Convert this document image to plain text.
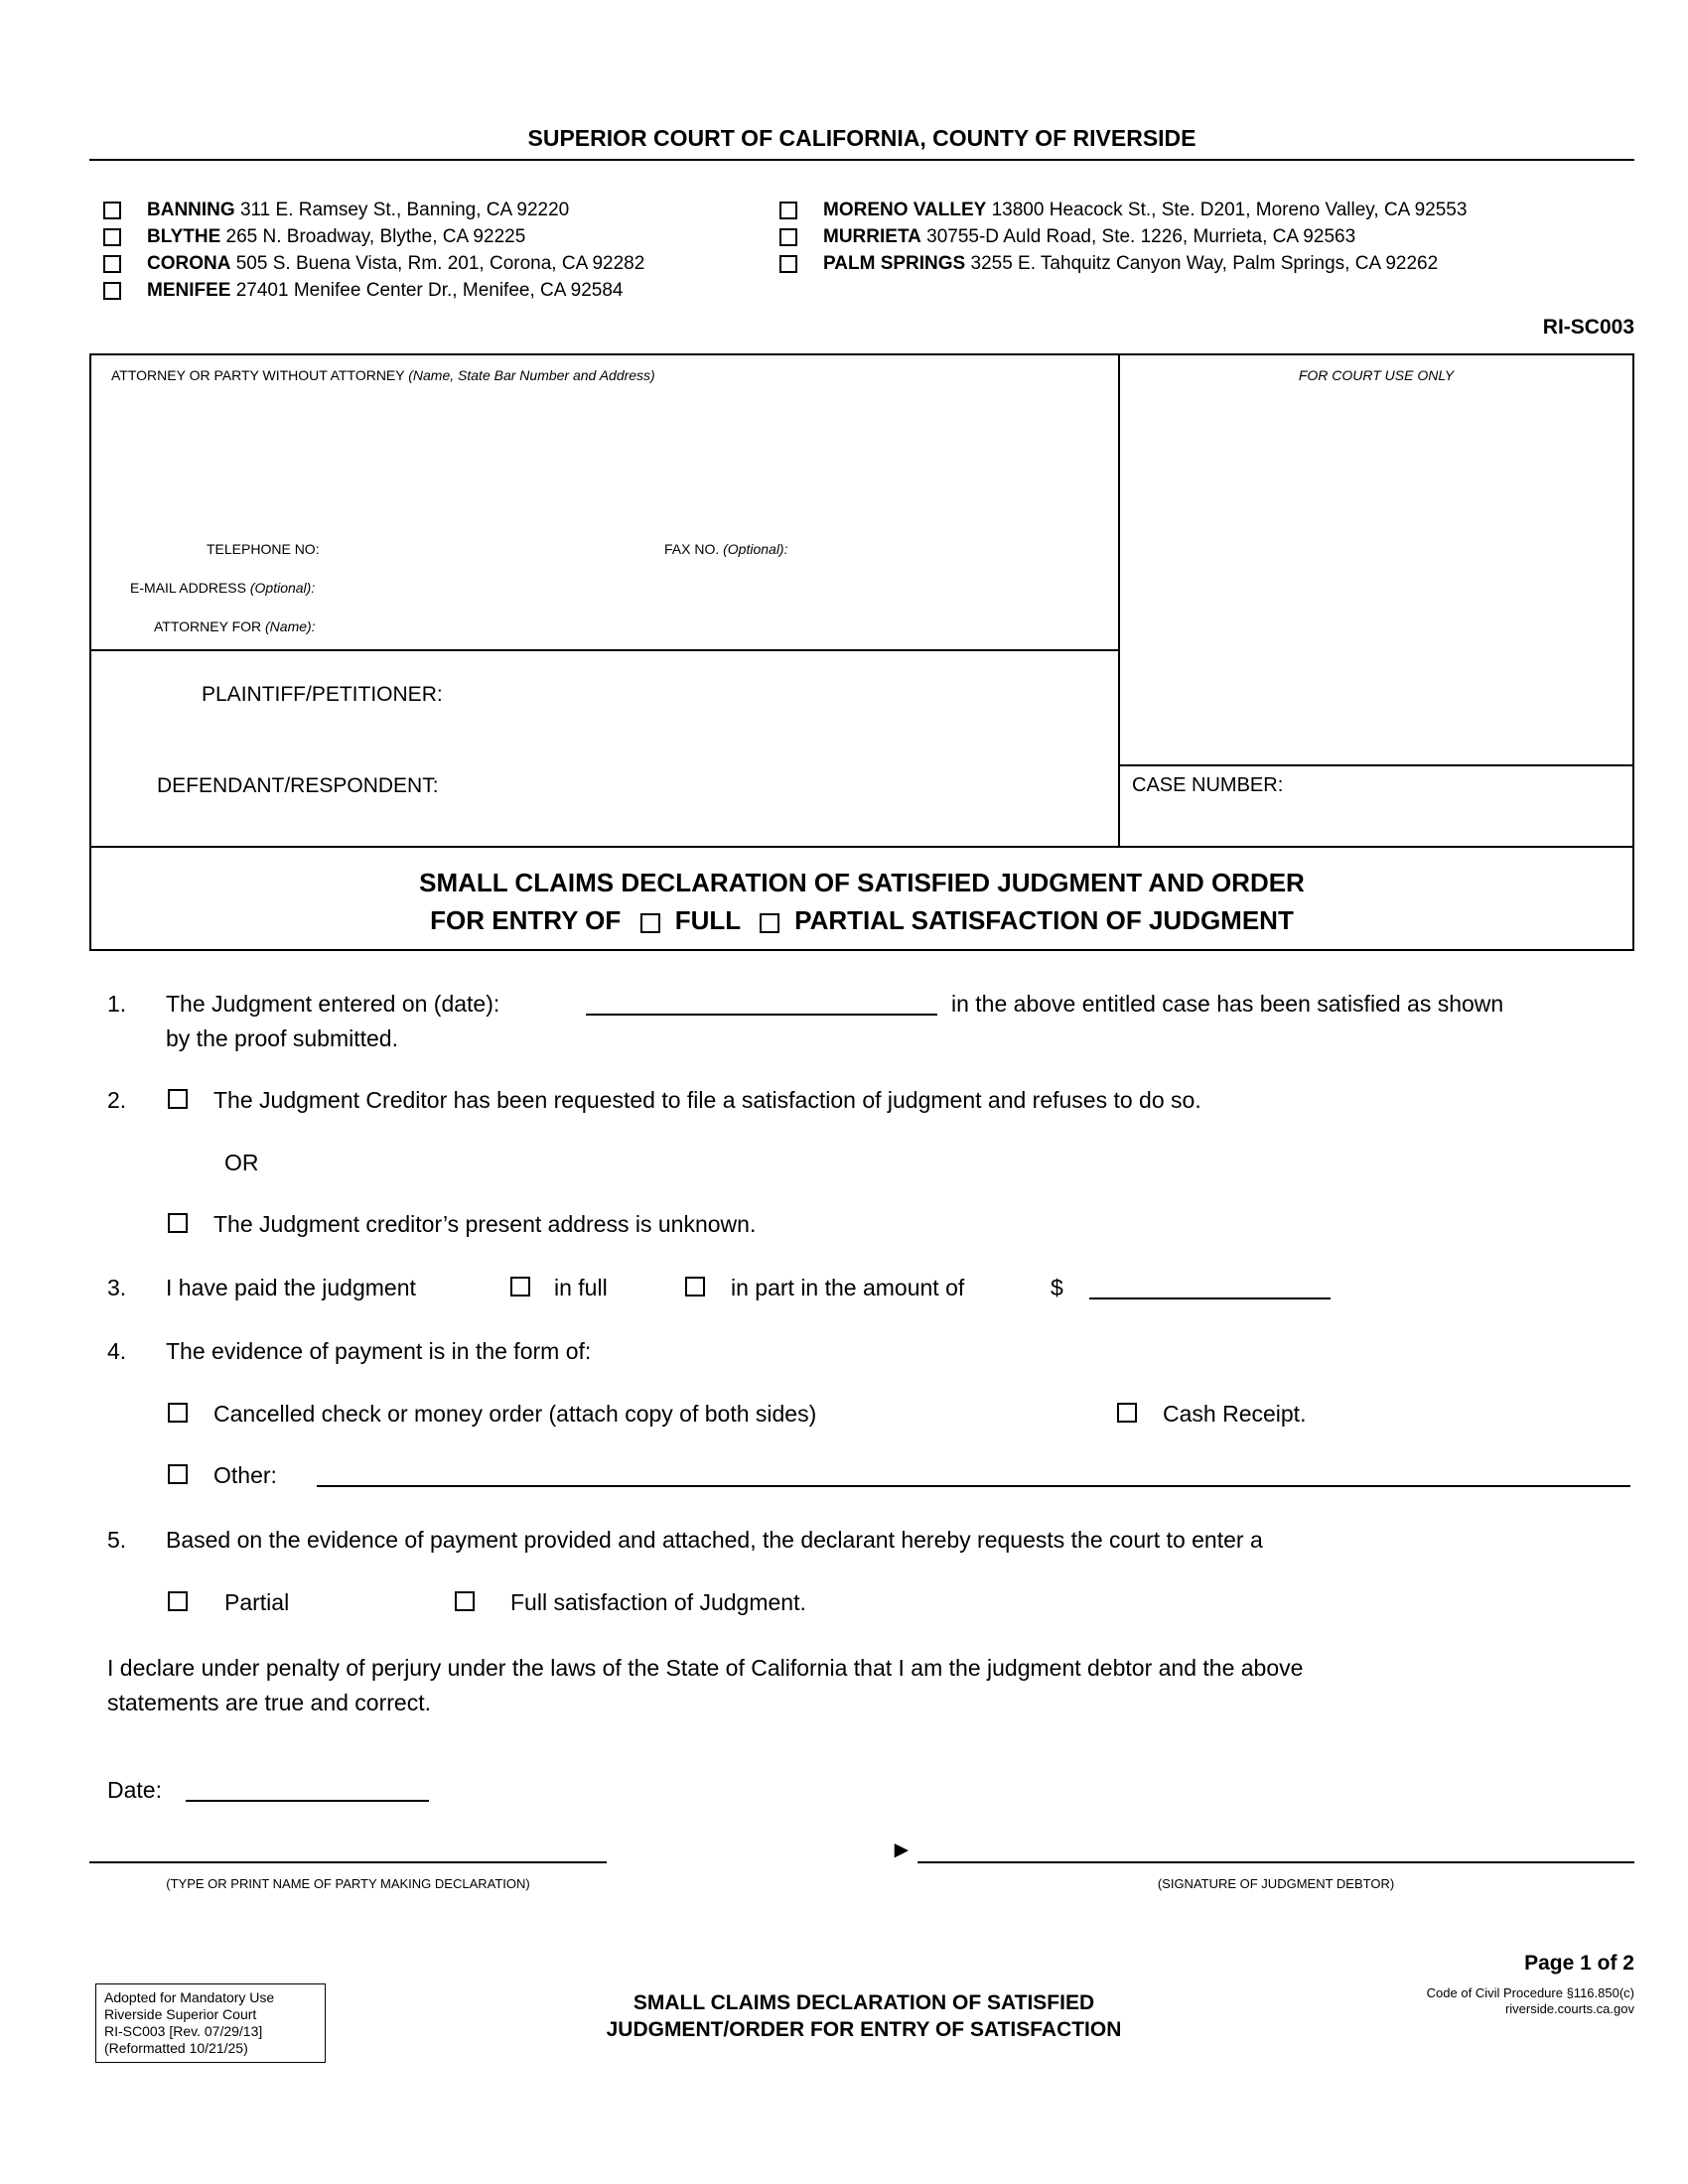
SUPERIOR COURT OF CALIFORNIA, COUNTY OF RIVERSIDE
BANNING 311 E. Ramsey St., Banning, CA 92220
BLYTHE 265 N. Broadway, Blythe, CA 92225
CORONA 505 S. Buena Vista, Rm. 201, Corona, CA 92282
MENIFEE 27401 Menifee Center Dr., Menifee, CA 92584
MORENO VALLEY 13800 Heacock St., Ste. D201, Moreno Valley, CA 92553
MURRIETA 30755-D Auld Road, Ste. 1226, Murrieta, CA 92563
PALM SPRINGS 3255 E. Tahquitz Canyon Way, Palm Springs, CA 92262
RI-SC003
ATTORNEY OR PARTY WITHOUT ATTORNEY (Name, State Bar Number and Address)
TELEPHONE NO:	FAX NO. (Optional):
E-MAIL ADDRESS (Optional):
ATTORNEY FOR (Name):
PLAINTIFF/PETITIONER:
DEFENDANT/RESPONDENT:
FOR COURT USE ONLY
CASE NUMBER:
SMALL CLAIMS DECLARATION OF SATISFIED JUDGMENT AND ORDER
FOR ENTRY OF FULL PARTIAL SATISFACTION OF JUDGMENT
1. The Judgment entered on (date):	in the above entitled case has been satisfied as shown
by the proof submitted.
2.	The Judgment Creditor has been requested to file a satisfaction of judgment and refuses to do so.
OR
The Judgment creditor’s present address is unknown.
3. I have paid the judgment	in full	in part in the amount of	$
4. The evidence of payment is in the form of:
Cancelled check or money order (attach copy of both sides)	Cash Receipt.
Other:
5. Based on the evidence of payment provided and attached, the declarant hereby requests the court to enter a
Partial	Full satisfaction of Judgment.
I declare under penalty of perjury under the laws of the State of California that I am the judgment debtor and the above
statements are true and correct.
Date:
(TYPE OR PRINT NAME OF PARTY MAKING DECLARATION)
►
(SIGNATURE OF JUDGMENT DEBTOR)
Page 1 of 2
Adopted for Mandatory Use
Riverside Superior Court
RI-SC003 [Rev. 07/29/13]
(Reformatted 10/21/25)
SMALL CLAIMS DECLARATION OF SATISFIED
JUDGMENT/ORDER FOR ENTRY OF SATISFACTION
Code of Civil Procedure §116.850(c)
riverside.courts.ca.gov
